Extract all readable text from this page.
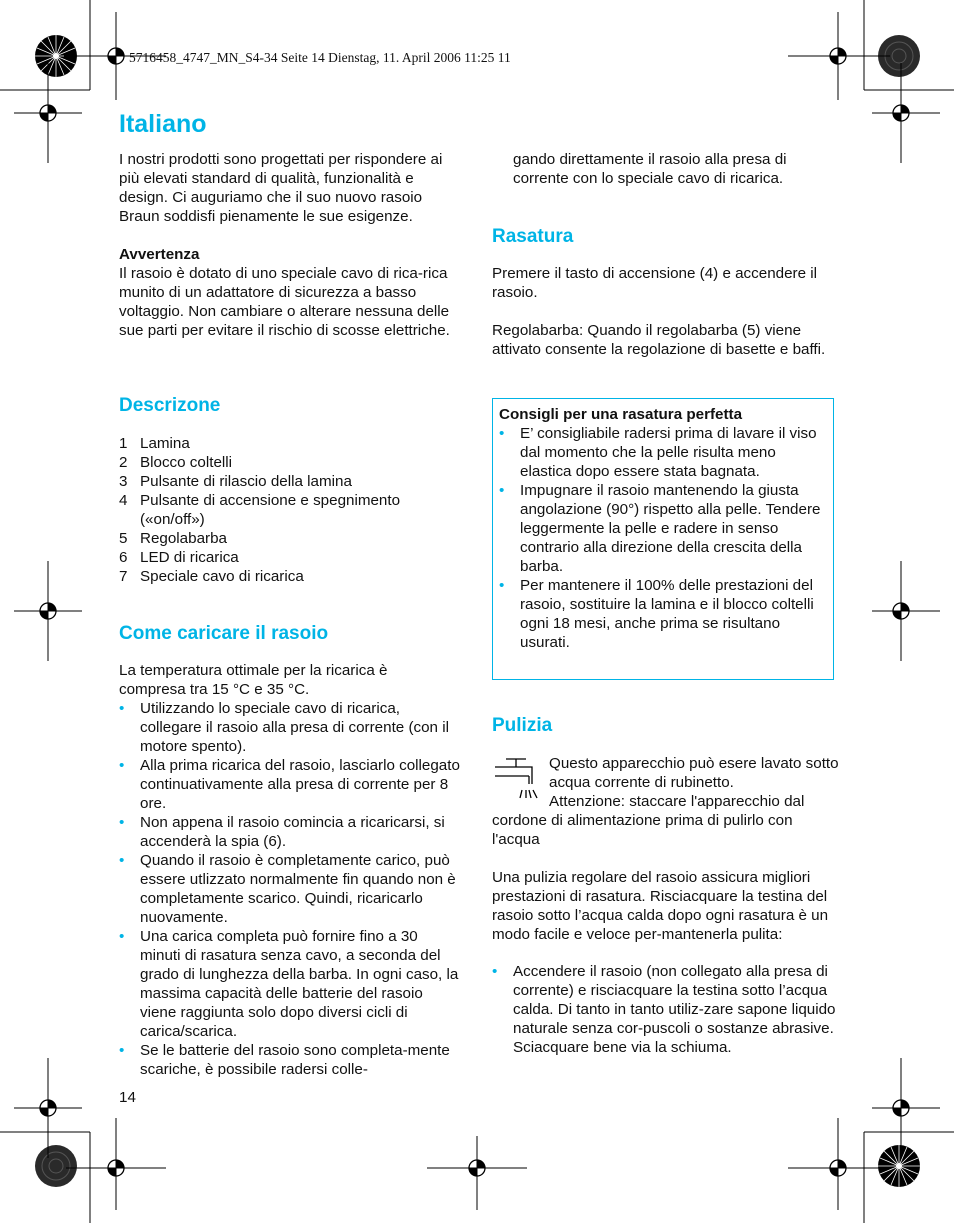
5716458_4747_MN_S4-34 Seite 14 Dienstag, 11. April 2006 11:25 11
Italiano

I nostri prodotti sono progettati per rispondere ai più elevati standard di qualità, funzionalità e design. Ci auguriamo che il suo nuovo rasoio Braun soddisfi pienamente le sue esigenze.

Avvertenza

Il rasoio è dotato di uno speciale cavo di rica-rica munito di un adattatore di sicurezza a basso voltaggio. Non cambiare o alterare nessuna delle sue parti per evitare il rischio di scosse elettriche.

Descrizone
1 Lamina
2 Blocco coltelli
3 Pulsante di rilascio della lamina
4 Pulsante di accensione e spegnimento («on/off»)
5 Regolabarba
6 LED di ricarica
7 Speciale cavo di ricarica
Come caricare il rasoio

La temperatura ottimale per la ricarica è compresa tra 15 °C e 35 °C.

• Utilizzando lo speciale cavo di ricarica, collegare il rasoio alla presa di corrente (con il motore spento).
• Alla prima ricarica del rasoio, lasciarlo collegato continuativamente alla presa di corrente per 8 ore.
• Non appena il rasoio comincia a ricaricarsi, si accenderà la spia (6).
• Quando il rasoio è completamente carico, può essere utlizzato normalmente fin quando non è completamente scarico. Quindi, ricaricarlo nuovamente.
• Una carica completa può fornire fino a 30 minuti di rasatura senza cavo, a seconda del grado di lunghezza della barba. In ogni caso, la massima capacità delle batterie del rasoio viene raggiunta solo dopo diversi cicli di carica/scarica.
• Se le batterie del rasoio sono completa-mente scariche, è possibile radersi colle-
14

gando direttamente il rasoio alla presa di corrente con lo speciale cavo di ricarica.

Rasatura

Premere il tasto di accensione (4) e accendere il rasoio.

Regolabarba: Quando il regolabarba (5) viene attivato consente la regolazione di basette e baffi.

Consigli per una rasatura perfetta

• E’ consigliabile radersi prima di lavare il viso dal momento che la pelle risulta meno elastica dopo essere stata bagnata.
• Impugnare il rasoio mantenendo la giusta angolazione (90°) rispetto alla pelle. Tendere leggermente la pelle e radere in senso contrario alla direzione della crescita della barba.
• Per mantenere il 100% delle prestazioni del rasoio, sostituire la lamina e il blocco coltelli ogni 18 mesi, anche prima se risultano usurati.
Pulizia

Questo apparecchio può esere lavato sotto acqua corrente di rubinetto.

Attenzione: staccare l'apparecchio dal

cordone di alimentazione prima di pulirlo con l'acqua

Una pulizia regolare del rasoio assicura migliori prestazioni di rasatura. Risciacquare la testina del rasoio sotto l’acqua calda dopo ogni rasatura è un modo facile e veloce per-mantenerla pulita:

• Accendere il rasoio (non collegato alla presa di corrente) e risciacquare la testina sotto l’acqua calda. Di tanto in tanto utiliz-zare sapone liquido naturale senza cor-puscoli o sostanze abrasive. Sciacquare bene via la schiuma.
